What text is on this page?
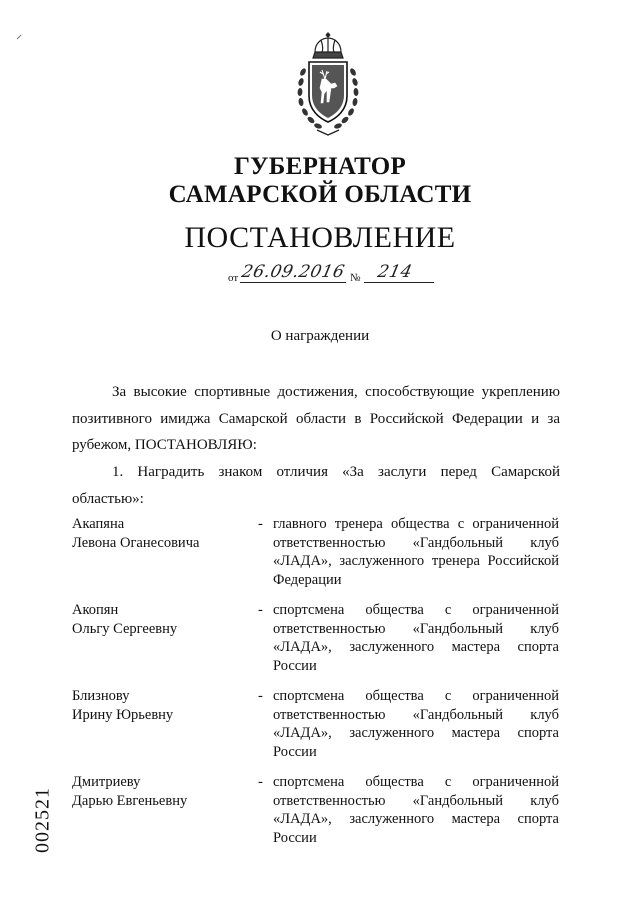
ГУБЕРНАТОР
САМАРСКОЙ ОБЛАСТИ
ПОСТАНОВЛЕНИЕ
от 26.09.2016 № 214
О награждении
За высокие спортивные достижения, способствующие укреплению позитивного имиджа Самарской области в Российской Федерации и за рубежом, ПОСТАНОВЛЯЮ:
1. Наградить знаком отличия «За заслуги перед Самарской областью»:
Акапяна
Левона Оганесовича
- главного тренера общества с ограниченной ответственностью «Гандбольный клуб «ЛАДА», заслуженного тренера Российской Федерации
Акопян
Ольгу Сергеевну
- спортсмена общества с ограниченной ответственностью «Гандбольный клуб «ЛАДА», заслуженного мастера спорта России
Близнову
Ирину Юрьевну
- спортсмена общества с ограниченной ответственностью «Гандбольный клуб «ЛАДА», заслуженного мастера спорта России
Дмитриеву
Дарью Евгеньевну
- спортсмена общества с ограниченной ответственностью «Гандбольный клуб «ЛАДА», заслуженного мастера спорта России
002521
